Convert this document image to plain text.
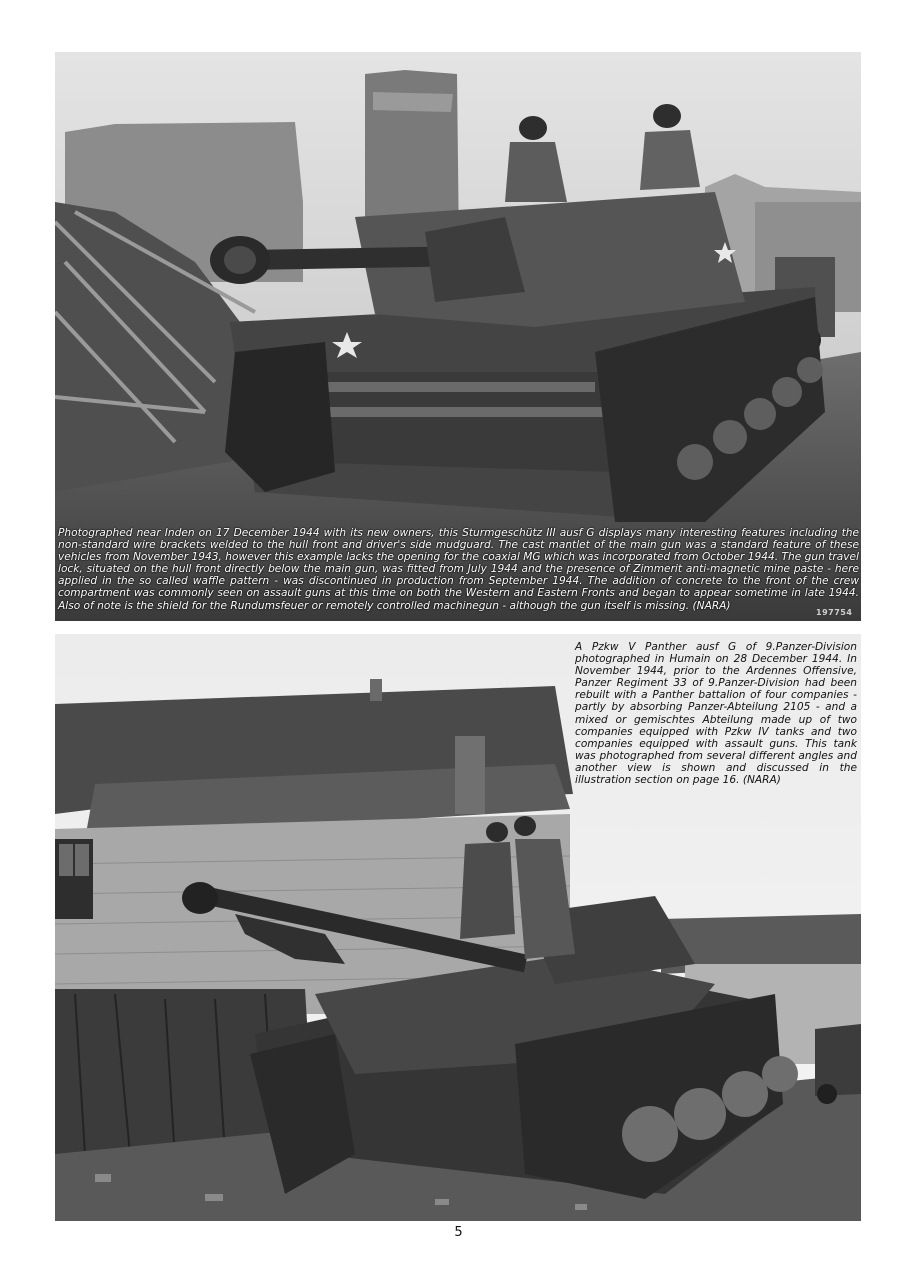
Photographed near Inden on 17 December 1944 with its new owners, this Sturmgeschütz III ausf G displays many interesting features including the non-standard wire brackets welded to the hull front and driver's side mudguard. The cast mantlet of the main gun was a standard feature of these vehicles from November 1943, however this example lacks the opening for the coaxial MG which was incorporated from October 1944. The gun travel lock, situated on the hull front directly below the main gun, was fitted from July 1944 and the presence of Zimmerit anti-magnetic mine paste - here applied in the so called waffle pattern - was discontinued in production from September 1944. The addition of concrete to the front of the crew compartment was commonly seen on assault guns at this time on both the Western and Eastern Fronts and began to appear sometime in late 1944. Also of note is the shield for the Rundumsfeuer or remotely controlled machinegun - although the gun itself is missing. (NARA)
197754
A Pzkw V Panther ausf G of 9.Panzer-Division photographed in Humain on 28 December 1944. In November 1944, prior to the Ardennes Offensive, Panzer Regiment 33 of 9.Panzer-Division had been rebuilt with a Panther battalion of four companies - partly by absorbing Panzer-Abteilung 2105 - and a mixed or gemischtes Abteilung made up of two companies equipped with Pzkw IV tanks and two companies equipped with assault guns. This tank was photographed from several different angles and another view is shown and discussed in the illustration section on page 16. (NARA)
5
